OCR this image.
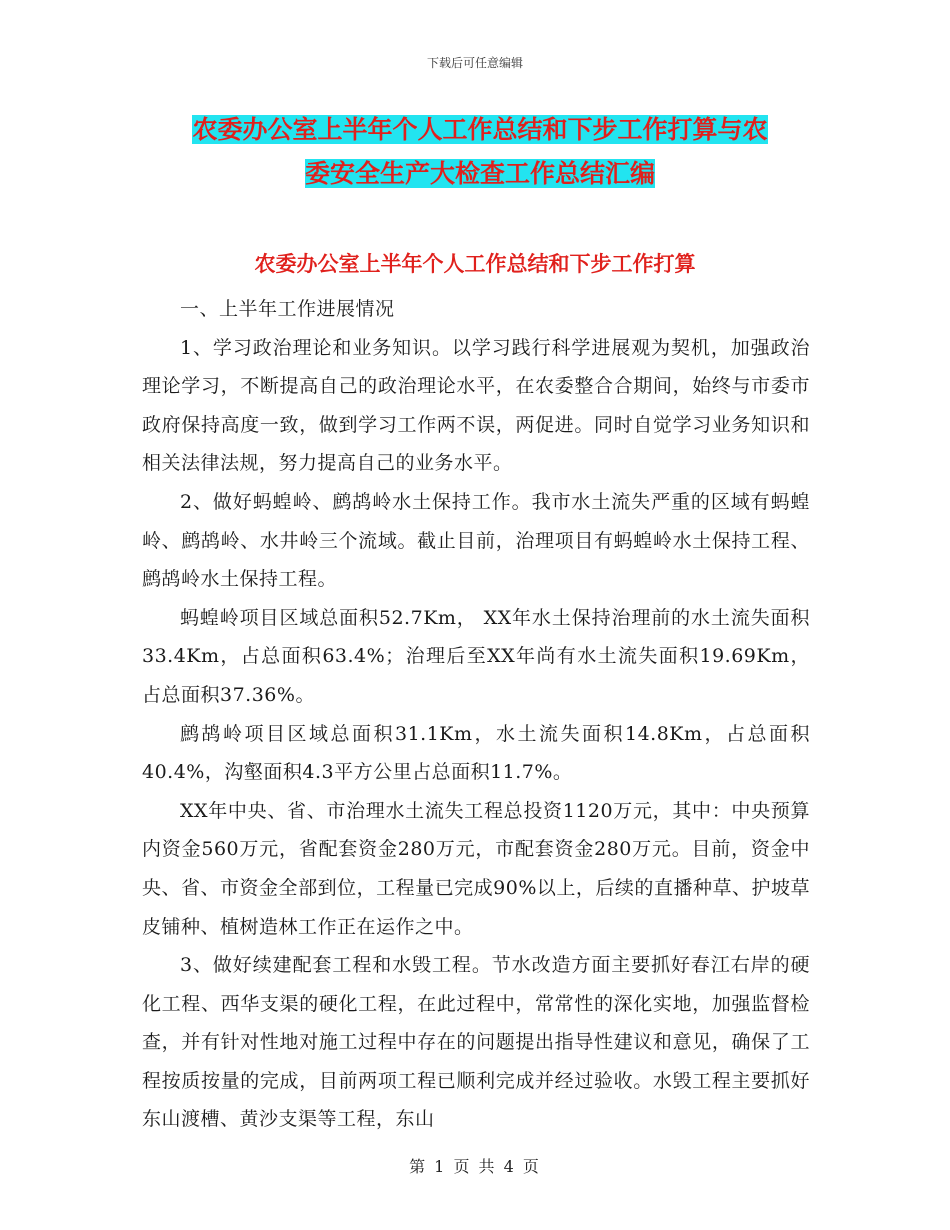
下载后可任意编辑
农委办公室上半年个人工作总结和下步工作打算与农
委安全生产大检查工作总结汇编
农委办公室上半年个人工作总结和下步工作打算

一、上半年工作进展情况

1、学习政治理论和业务知识。以学习践行科学进展观为契机，加强政治理论学习，不断提高自己的政治理论水平，在农委整合合期间，始终与市委市政府保持高度一致，做到学习工作两不误，两促进。同时自觉学习业务知识和相关法律法规，努力提高自己的业务水平。

2、做好蚂蝗岭、鹧鸪岭水土保持工作。我市水土流失严重的区域有蚂蝗岭、鹧鸪岭、水井岭三个流域。截止目前，治理项目有蚂蝗岭水土保持工程、鹧鸪岭水土保持工程。

蚂蝗岭项目区域总面积52.7Km， XX年水土保持治理前的水土流失面积33.4Km，占总面积63.4%；治理后至XX年尚有水土流失面积19.69Km，占总面积37.36%。

鹧鸪岭项目区域总面积31.1Km，水土流失面积14.8Km，占总面积40.4%，沟壑面积4.3平方公里占总面积11.7%。

XX年中央、省、市治理水土流失工程总投资1120万元，其中：中央预算内资金560万元，省配套资金280万元，市配套资金280万元。目前，资金中央、省、市资金全部到位，工程量已完成90%以上，后续的直播种草、护坡草皮铺种、植树造林工作正在运作之中。

3、做好续建配套工程和水毁工程。节水改造方面主要抓好春江右岸的硬化工程、西华支渠的硬化工程，在此过程中，常常性的深化实地，加强监督检查，并有针对性地对施工过程中存在的问题提出指导性建议和意见，确保了工程按质按量的完成，目前两项工程已顺利完成并经过验收。水毁工程主要抓好东山渡槽、黄沙支渠等工程，东山

第 1 页 共 4 页
